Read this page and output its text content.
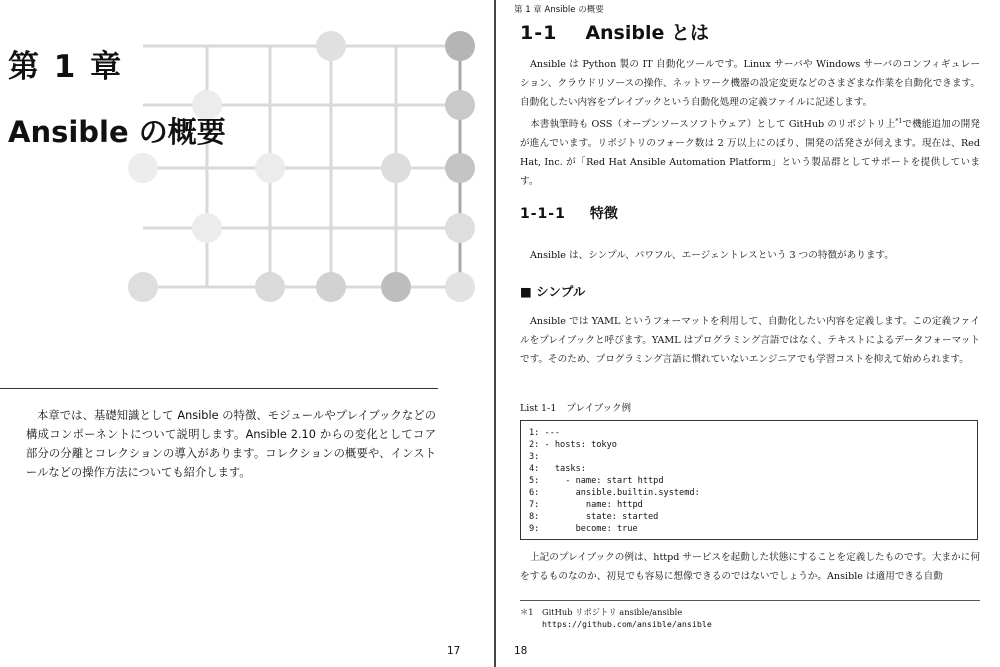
第 1 章
Ansible の概要

本章では、基礎知識として Ansible の特徴、モジュールやプレイブックなどの構成コンポーネントについて説明します。Ansible 2.10 からの変化としてコア部分の分離とコレクションの導入があります。コレクションの概要や、インストールなどの操作方法についても紹介します。

17
第 1 章 Ansible の概要
1-1 Ansible とは

Ansible は Python 製の IT 自動化ツールです。Linux サーバや Windows サーバのコンフィギュレーション、クラウドリソースの操作、ネットワーク機器の設定変更などのさまざまな作業を自動化できます。自動化したい内容をプレイブックという自動化処理の定義ファイルに記述します。

本書執筆時も OSS（オープンソースソフトウェア）として GitHub のリポジトリ上$^{*1}$で機能追加の開発が進んでいます。リポジトリのフォーク数は 2 万以上にのぼり、開発の活発さが伺えます。現在は、Red Hat, Inc. が「Red Hat Ansible Automation Platform」という製品群としてサポートを提供しています。

1-1-1 特徴

Ansible は、シンプル、パワフル、エージェントレスという 3 つの特徴があります。

■ シンプル

Ansible では YAML というフォーマットを利用して、自動化したい内容を定義します。この定義ファイルをプレイブックと呼びます。YAML はプログラミング言語ではなく、テキストによるデータフォーマットです。そのため、プログラミング言語に慣れていないエンジニアでも学習コストを抑えて始められます。

List 1-1 プレイブック例
1: ---
2: - hosts: tokyo
3:
4:   tasks:
5:     - name: start httpd
6:       ansible.builtin.systemd:
7:         name: httpd
8:         state: started
9:       become: true

上記のプレイブックの例は、httpd サービスを起動した状態にすることを定義したものです。大まかに何をするものなのか、初見でも容易に想像できるのではないでしょうか。Ansible は適用できる自動

＊1 GitHub リポジトリ ansible/ansible
https://github.com/ansible/ansible
18
